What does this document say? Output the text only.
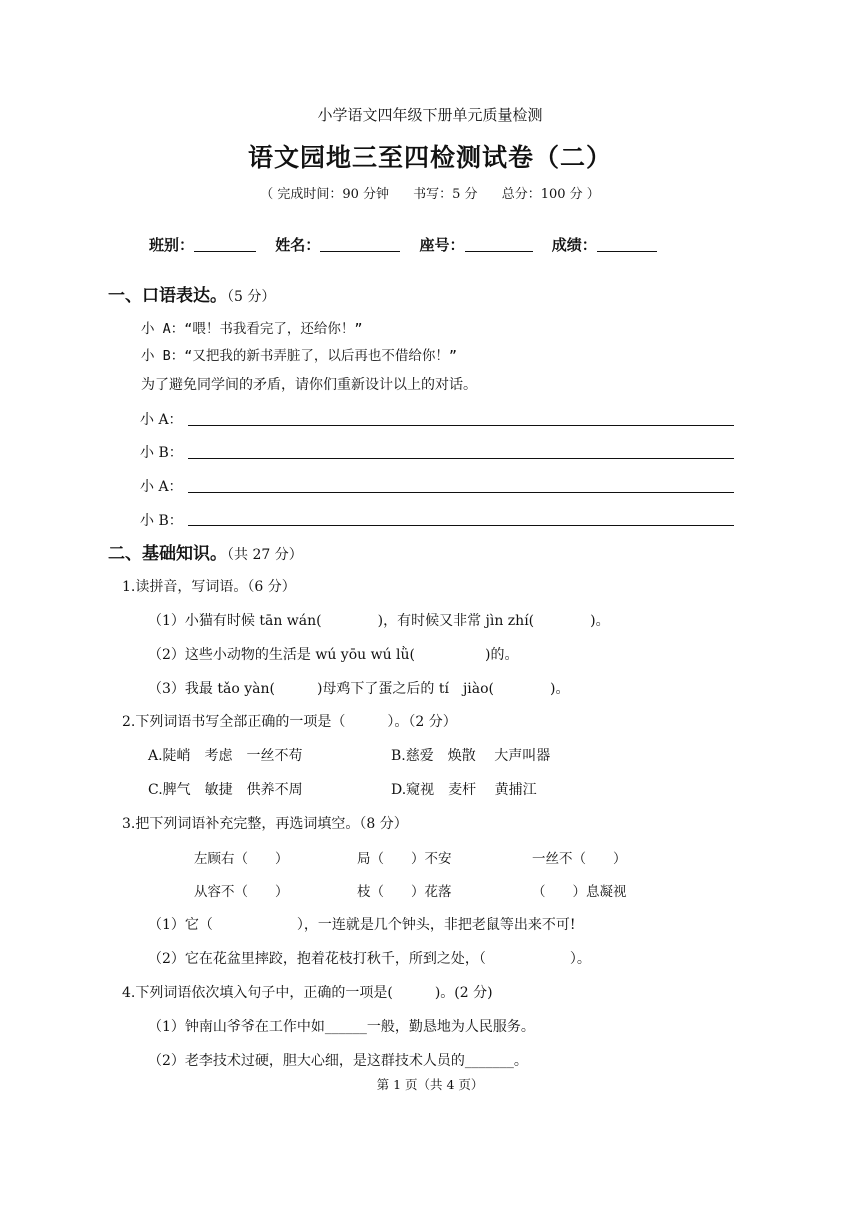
小学语文四年级下册单元质量检测
语文园地三至四检测试卷（二）
（ 完成时间：90 分钟 书写：5 分 总分：100 分 ）
班别：	姓名：	座号：	成绩：
一、口语表达。（5 分）
小 A：“喂！书我看完了，还给你！”
小 B：“又把我的新书弄脏了，以后再也不借给你！”
为了避免同学间的矛盾，请你们重新设计以上的对话。
小 A：
小 B：
小 A：
小 B：
二、基础知识。（共 27 分）
1.读拼音，写词语。（6 分）
（1）小猫有时候 tān wán(　　　　)，有时候又非常 jìn zhí(　　　　)。
（2）这些小动物的生活是 wú yōu wú lǜ(　　　　　)的。
（3）我最 tǎo yàn(　　　)母鸡下了蛋之后的 tí　jiào(　　　　)。
2.下列词语书写全部正确的一项是（　　　）。（2 分）
A.陡峭　考虑　一丝不苟	B.慈爱　焕散　 大声叫器
C.脾气　敏捷　供养不周	D.窥视　麦杆　 黄捕江
3.把下列词语补充完整，再选词填空。（8 分）
左顾右（　　）	局（　　）不安	一丝不（　　）
从容不（　　）	枝（　　）花落	（　　）息凝视
（1）它（　　　　　　），一连就是几个钟头，非把老鼠等出来不可!
（2）它在花盆里摔跤，抱着花枝打秋千，所到之处，（　　　　　　）。
4.下列词语依次填入句子中，正确的一项是(　　　)。(2 分)
（1）钟南山爷爷在工作中如______一般，勤恳地为人民服务。
（2）老李技术过硬，胆大心细，是这群技术人员的_______。
第 1 页（共 4 页）
